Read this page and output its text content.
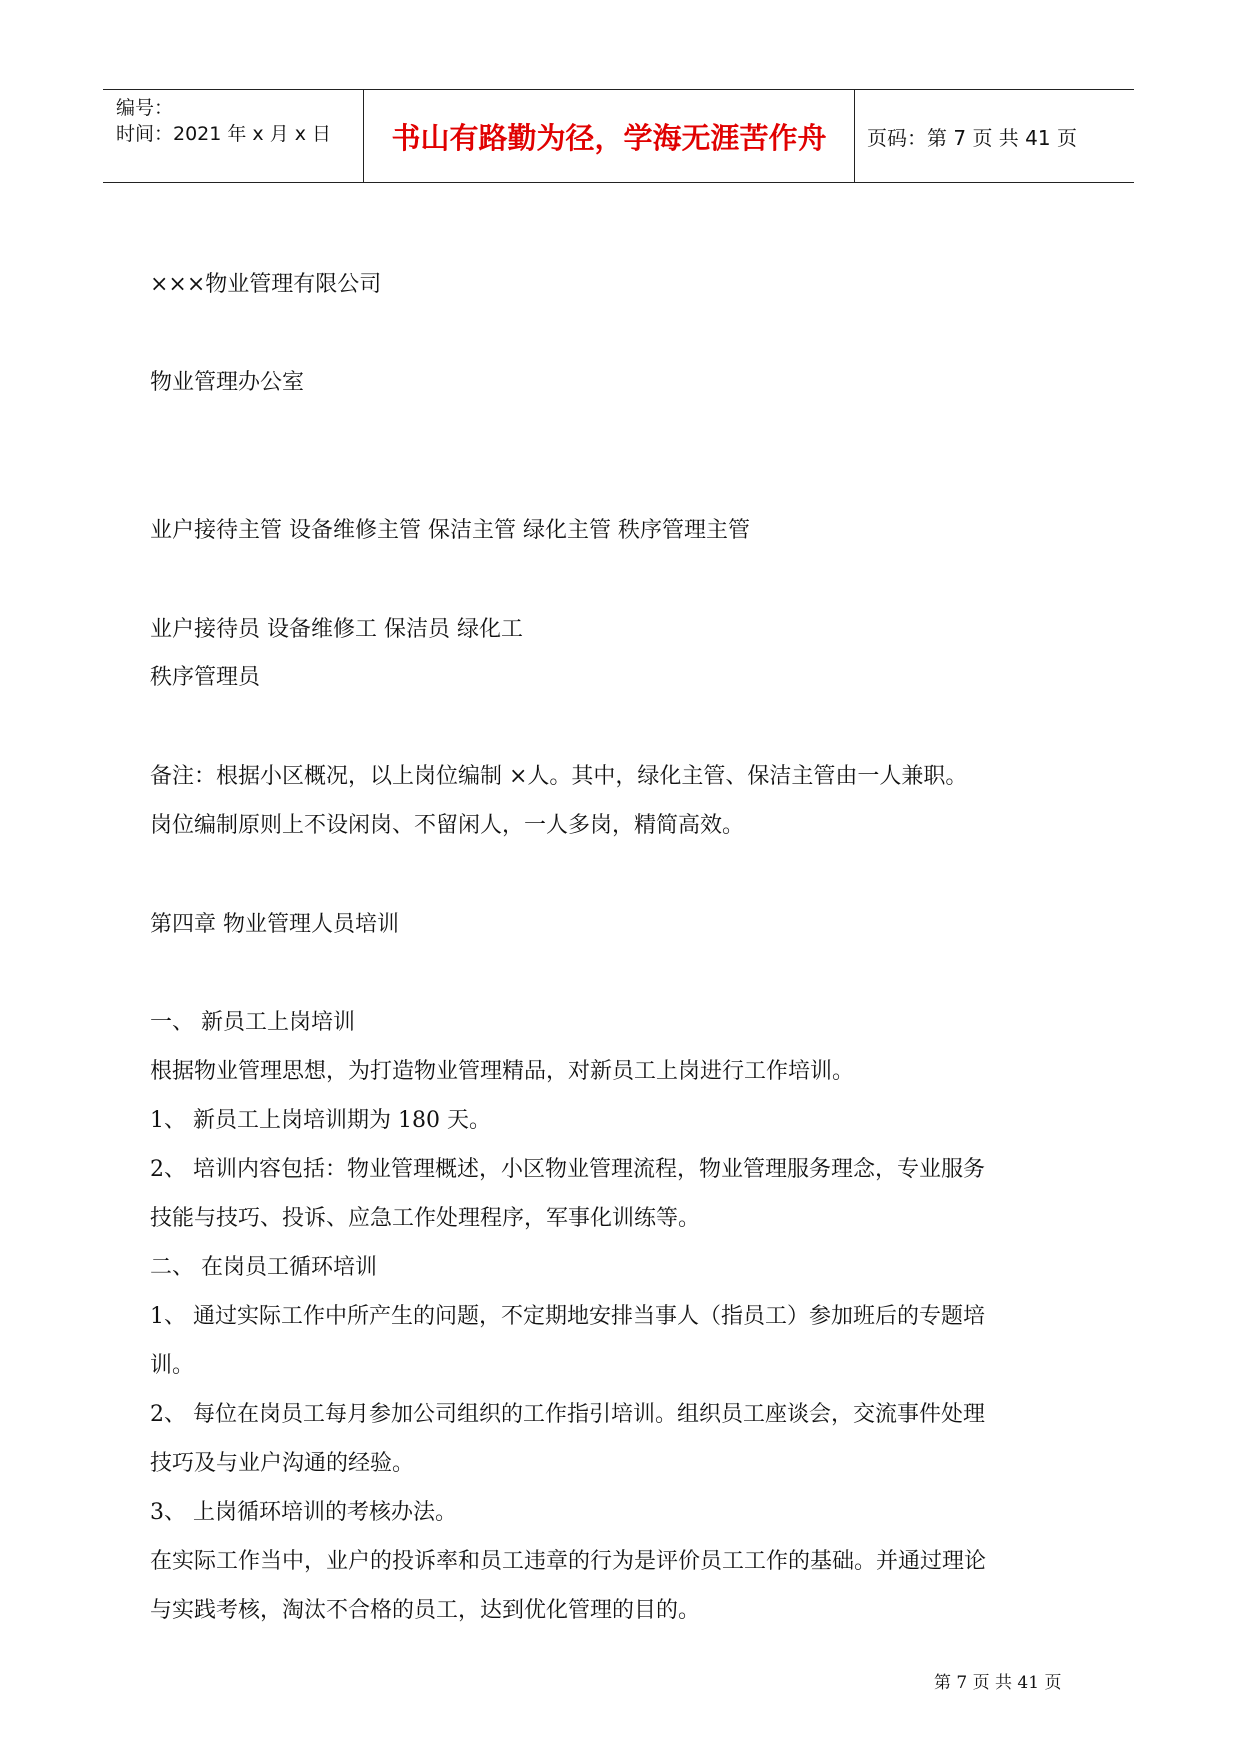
编号：
时间：2021 年 x 月 x 日	书山有路勤为径，学海无涯苦作舟	页码：第 7 页 共 41 页
×××物业管理有限公司
物业管理办公室
业户接待主管 设备维修主管 保洁主管 绿化主管 秩序管理主管
业户接待员 设备维修工 保洁员 绿化工
秩序管理员
备注：根据小区概况，以上岗位编制 ×人。其中，绿化主管、保洁主管由一人兼职。
岗位编制原则上不设闲岗、不留闲人，一人多岗，精简高效。
第四章 物业管理人员培训
一、 新员工上岗培训
根据物业管理思想，为打造物业管理精品，对新员工上岗进行工作培训。
1、 新员工上岗培训期为 180 天。
2、 培训内容包括：物业管理概述，小区物业管理流程，物业管理服务理念，专业服务
技能与技巧、投诉、应急工作处理程序，军事化训练等。
二、 在岗员工循环培训
1、 通过实际工作中所产生的问题，不定期地安排当事人（指员工）参加班后的专题培
训。
2、 每位在岗员工每月参加公司组织的工作指引培训。组织员工座谈会，交流事件处理
技巧及与业户沟通的经验。
3、 上岗循环培训的考核办法。
在实际工作当中，业户的投诉率和员工违章的行为是评价员工工作的基础。并通过理论
与实践考核，淘汰不合格的员工，达到优化管理的目的。
第 7 页 共 41 页
